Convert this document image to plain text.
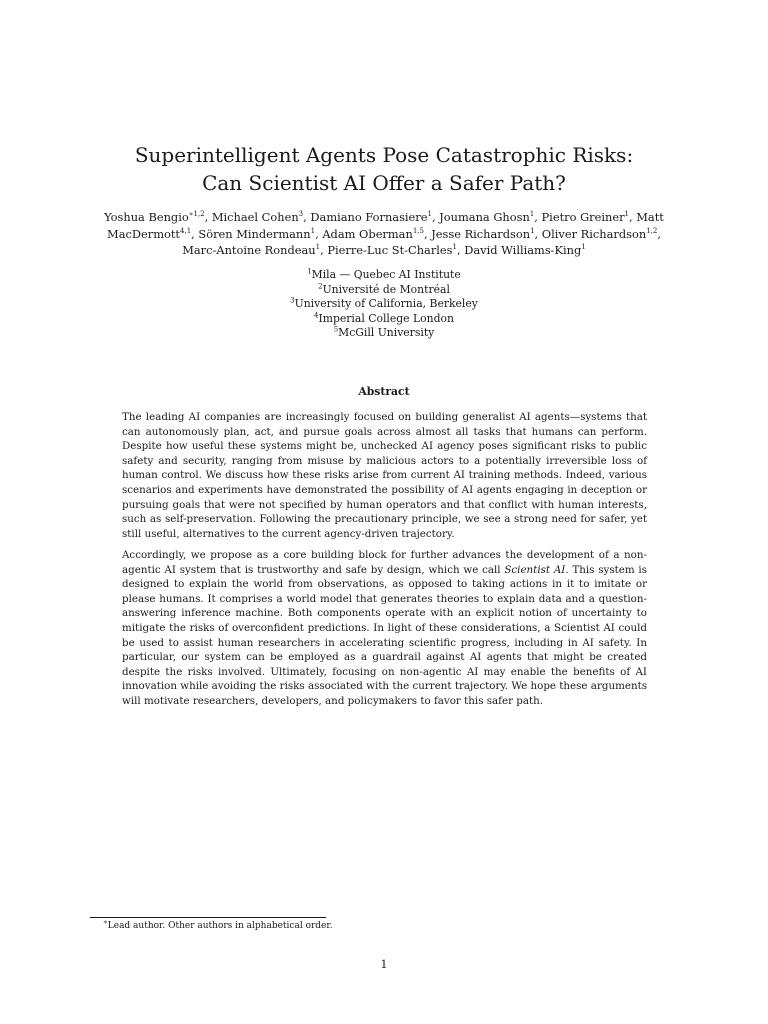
Superintelligent Agents Pose Catastrophic Risks:
Can Scientist AI Offer a Safer Path?
Yoshua Bengio$^{∗1,2}$, Michael Cohen$^3$, Damiano Fornasiere$^1$, Joumana Ghosn$^1$, Pietro Greiner$^1$, Matt MacDermott$^{4,1}$, Sören Mindermann$^1$, Adam Oberman$^{1,5}$, Jesse Richardson$^1$, Oliver Richardson$^{1,2}$, Marc-Antoine Rondeau$^1$, Pierre-Luc St-Charles$^1$, David Williams-King$^1$
$^1$Mila — Quebec AI Institute
$^2$Université de Montréal
$^3$University of California, Berkeley
$^4$Imperial College London
$^5$McGill University
Abstract

The leading AI companies are increasingly focused on building generalist AI agents—systems that can autonomously plan, act, and pursue goals across almost all tasks that humans can perform. Despite how useful these systems might be, unchecked AI agency poses significant risks to public safety and security, ranging from misuse by malicious actors to a potentially irreversible loss of human control. We discuss how these risks arise from current AI training methods. Indeed, various scenarios and experiments have demonstrated the possibility of AI agents engaging in deception or pursuing goals that were not specified by human operators and that conflict with human interests, such as self-preservation. Following the precautionary principle, we see a strong need for safer, yet still useful, alternatives to the current agency-driven trajectory.

Accordingly, we propose as a core building block for further advances the development of a non-agentic AI system that is trustworthy and safe by design, which we call Scientist AI. This system is designed to explain the world from observations, as opposed to taking actions in it to imitate or please humans. It comprises a world model that generates theories to explain data and a question-answering inference machine. Both components operate with an explicit notion of uncertainty to mitigate the risks of overconfident predictions. In light of these considerations, a Scientist AI could be used to assist human researchers in accelerating scientific progress, including in AI safety. In particular, our system can be employed as a guardrail against AI agents that might be created despite the risks involved. Ultimately, focusing on non-agentic AI may enable the benefits of AI innovation while avoiding the risks associated with the current trajectory. We hope these arguments will motivate researchers, developers, and policymakers to favor this safer path.

∗Lead author. Other authors in alphabetical order.
1
